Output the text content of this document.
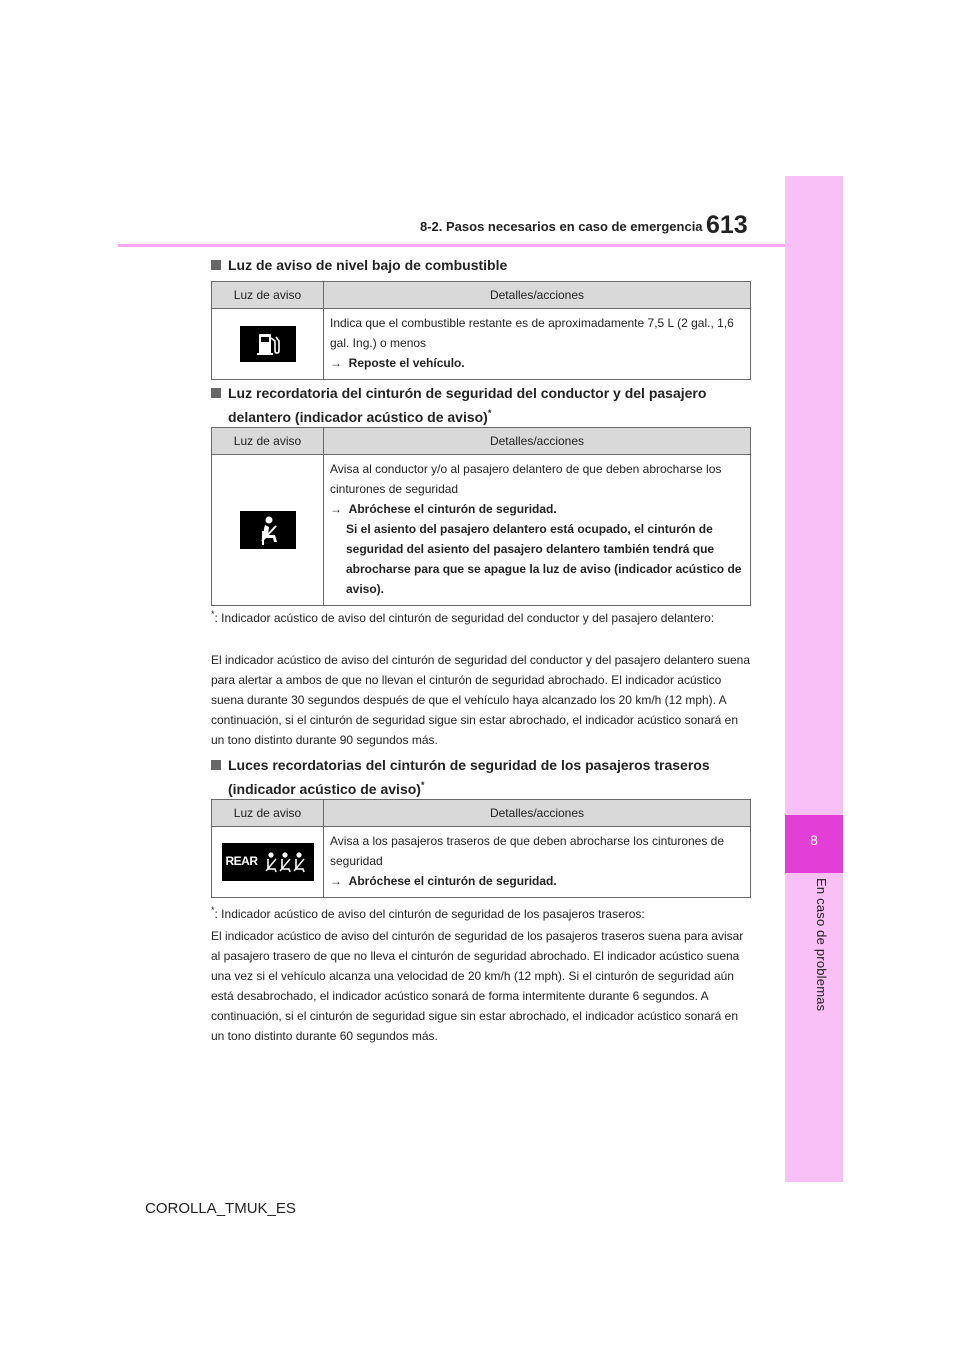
8
En caso de problemas
8-2. Pasos necesarios en caso de emergencia 613
Luz de aviso de nivel bajo de combustible
Luz de aviso	Detalles/acciones

Indica que el combustible restante es de aproximadamente 7,5 L (2 gal., 1,6 gal. Ing.) o menos
→ Reposte el vehículo.
Luz recordatoria del cinturón de seguridad del conductor y del pasajero
delantero (indicador acústico de aviso)*
Luz de aviso	Detalles/acciones

Avisa al conductor y/o al pasajero delantero de que deben abrocharse los cinturones de seguridad
→ Abróchese el cinturón de seguridad.
Si el asiento del pasajero delantero está ocupado, el cinturón de seguridad del asiento del pasajero delantero también tendrá que abrocharse para que se apague la luz de aviso (indicador acústico de aviso).
*: Indicador acústico de aviso del cinturón de seguridad del conductor y del pasajero delantero:
El indicador acústico de aviso del cinturón de seguridad del conductor y del pasajero delantero suena para alertar a ambos de que no llevan el cinturón de seguridad abrochado. El indicador acústico suena durante 30 segundos después de que el vehículo haya alcanzado los 20 km/h (12 mph). A continuación, si el cinturón de seguridad sigue sin estar abrochado, el indicador acústico sonará en un tono distinto durante 90 segundos más.
Luces recordatorias del cinturón de seguridad de los pasajeros traseros
(indicador acústico de aviso)*
Luz de aviso	Detalles/acciones

REAR	Avisa a los pasajeros traseros de que deben abrocharse los cinturones de seguridad
→ Abróchese el cinturón de seguridad.
*: Indicador acústico de aviso del cinturón de seguridad de los pasajeros traseros:
El indicador acústico de aviso del cinturón de seguridad de los pasajeros traseros suena para avisar al pasajero trasero de que no lleva el cinturón de seguridad abrochado. El indicador acústico suena una vez si el vehículo alcanza una velocidad de 20 km/h (12 mph). Si el cinturón de seguridad aún está desabrochado, el indicador acústico sonará de forma intermitente durante 6 segundos. A continuación, si el cinturón de seguridad sigue sin estar abrochado, el indicador acústico sonará en un tono distinto durante 60 segundos más.
COROLLA_TMUK_ES
